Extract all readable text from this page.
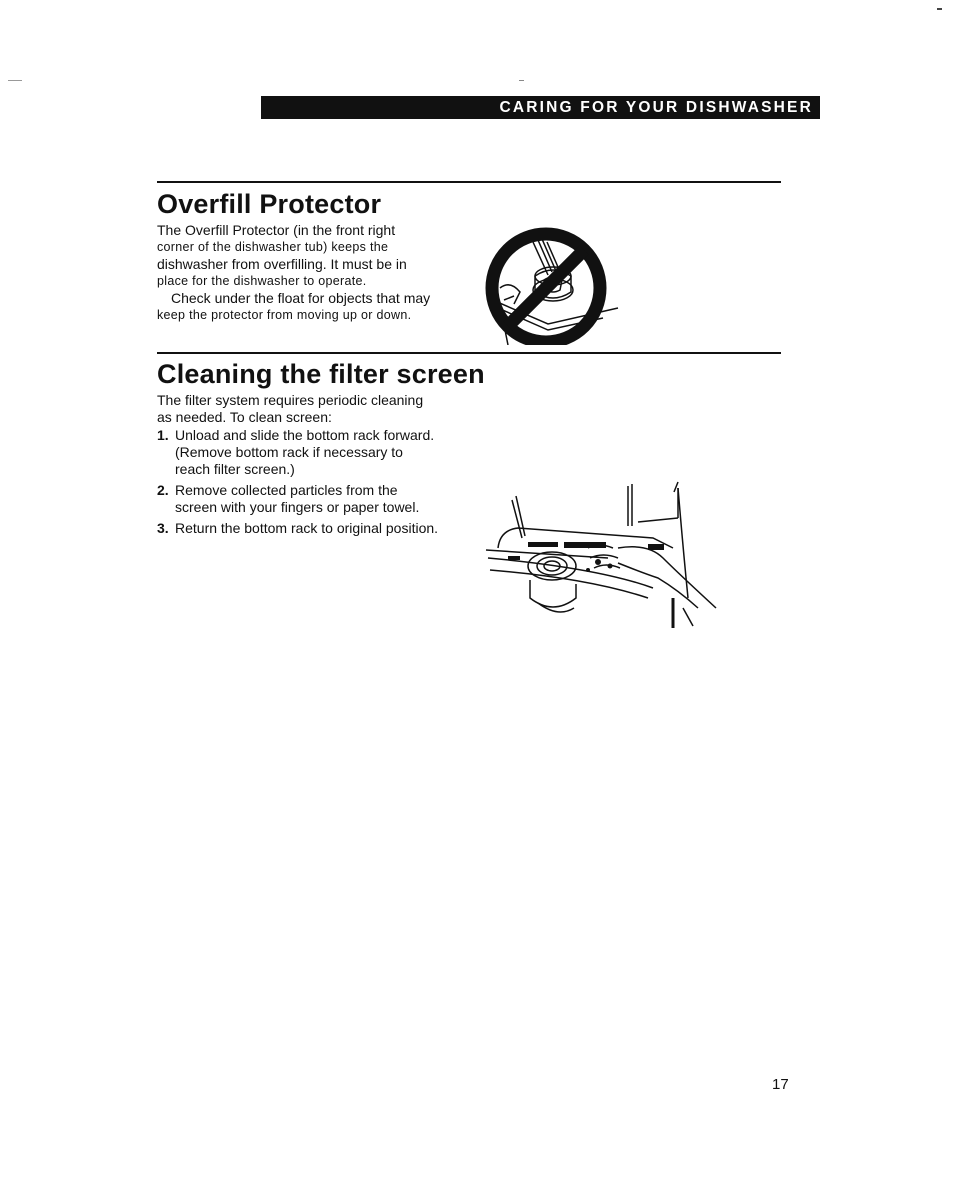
CARING FOR YOUR DISHWASHER
Overfill Protector

The Overfill Protector (in the front right

corner of the dishwasher tub) keeps the

dishwasher from overfilling. It must be in

place for the dishwasher to operate.

Check under the float for objects that may

keep the protector from moving up or down.

Cleaning the filter screen

The filter system requires periodic cleaning

as needed. To clean screen:

1. Unload and slide the bottom rack forward.
(Remove bottom rack if necessary to
reach filter screen.)
2. Remove collected particles from the
screen with your fingers or paper towel.
3. Return the bottom rack to original position.
17
